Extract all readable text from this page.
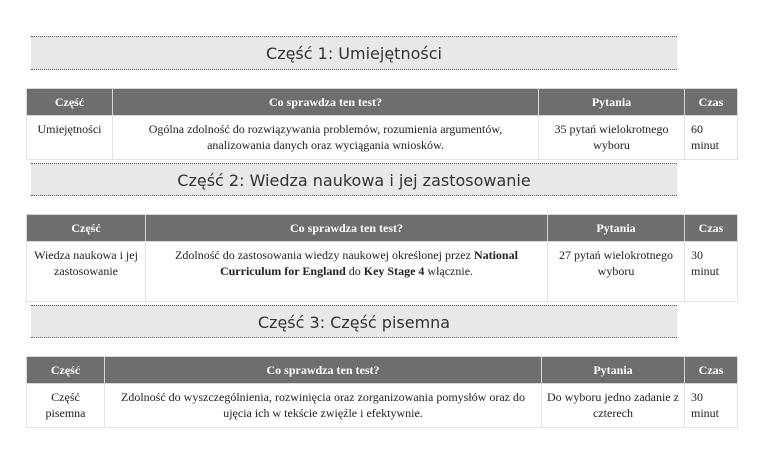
Część 1: Umiejętności
Część	Co sprawdza ten test?	Pytania	Czas
Umiejętności	Ogólna zdolność do rozwiązywania problemów, rozumienia argumentów, analizowania danych oraz wyciągania wniosków.	35 pytań wielokrotnego wyboru	60 minut
Część 2: Wiedza naukowa i jej zastosowanie
Część	Co sprawdza ten test?	Pytania	Czas
Wiedza naukowa i jej zastosowanie	Zdolność do zastosowania wiedzy naukowej określonej przez National Curriculum for England do Key Stage 4 włącznie.	27 pytań wielokrotnego wyboru	30 minut
Część 3: Część pisemna
Część	Co sprawdza ten test?	Pytania	Czas
Część pisemna	Zdolność do wyszczególnienia, rozwinięcia oraz zorganizowania pomysłów oraz do ujęcia ich w tekście zwięźle i efektywnie.	Do wyboru jedno zadanie z czterech	30 minut
